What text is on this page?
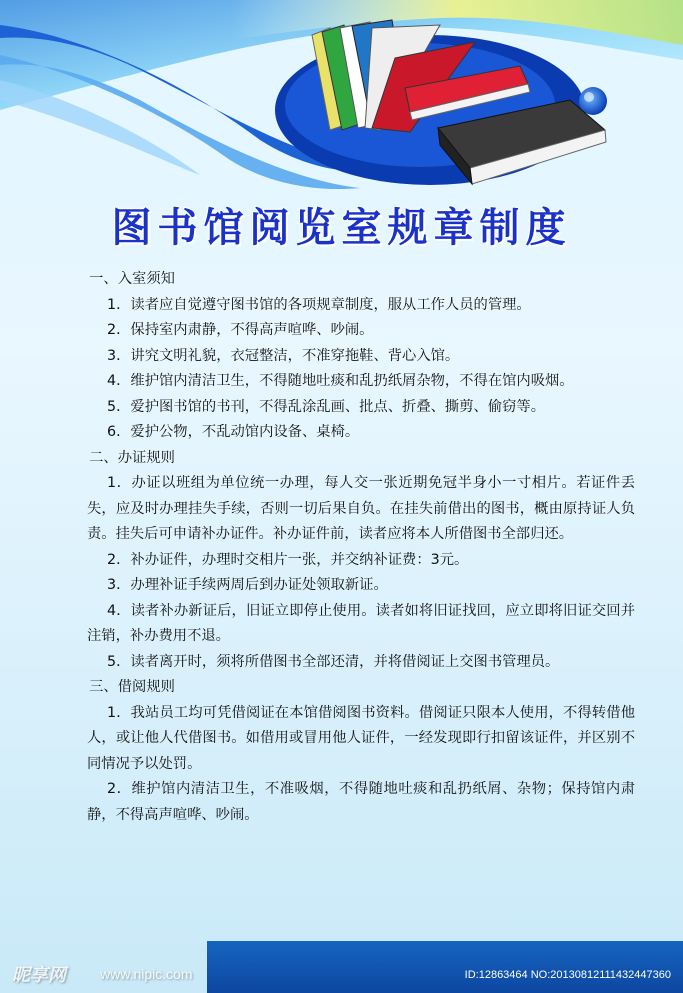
图书馆阅览室规章制度

一、入室须知

1．读者应自觉遵守图书馆的各项规章制度，服从工作人员的管理。

2．保持室内肃静，不得高声喧哗、吵闹。

3．讲究文明礼貌，衣冠整洁，不准穿拖鞋、背心入馆。

4．维护馆内清洁卫生，不得随地吐痰和乱扔纸屑杂物，不得在馆内吸烟。

5．爱护图书馆的书刊，不得乱涂乱画、批点、折叠、撕剪、偷窃等。

6．爱护公物，不乱动馆内设备、桌椅。

二、办证规则

1．办证以班组为单位统一办理，每人交一张近期免冠半身小一寸相片。若证件丢失，应及时办理挂失手续，否则一切后果自负。在挂失前借出的图书，概由原持证人负责。挂失后可申请补办证件。补办证件前，读者应将本人所借图书全部归还。

2．补办证件，办理时交相片一张，并交纳补证费：3元。

3．办理补证手续两周后到办证处领取新证。

4．读者补办新证后，旧证立即停止使用。读者如将旧证找回，应立即将旧证交回并注销，补办费用不退。

5．读者离开时，须将所借图书全部还清，并将借阅证上交图书管理员。

三、借阅规则

1．我站员工均可凭借阅证在本馆借阅图书资料。借阅证只限本人使用，不得转借他人，或让他人代借图书。如借用或冒用他人证件，一经发现即行扣留该证件，并区别不同情况予以处罚。

2．维护馆内清洁卫生，不准吸烟，不得随地吐痰和乱扔纸屑、杂物；保持馆内肃静，不得高声喧哗、吵闹。

ID:12863464 NO:20130812111432447360
昵享网 www.nipic.com
